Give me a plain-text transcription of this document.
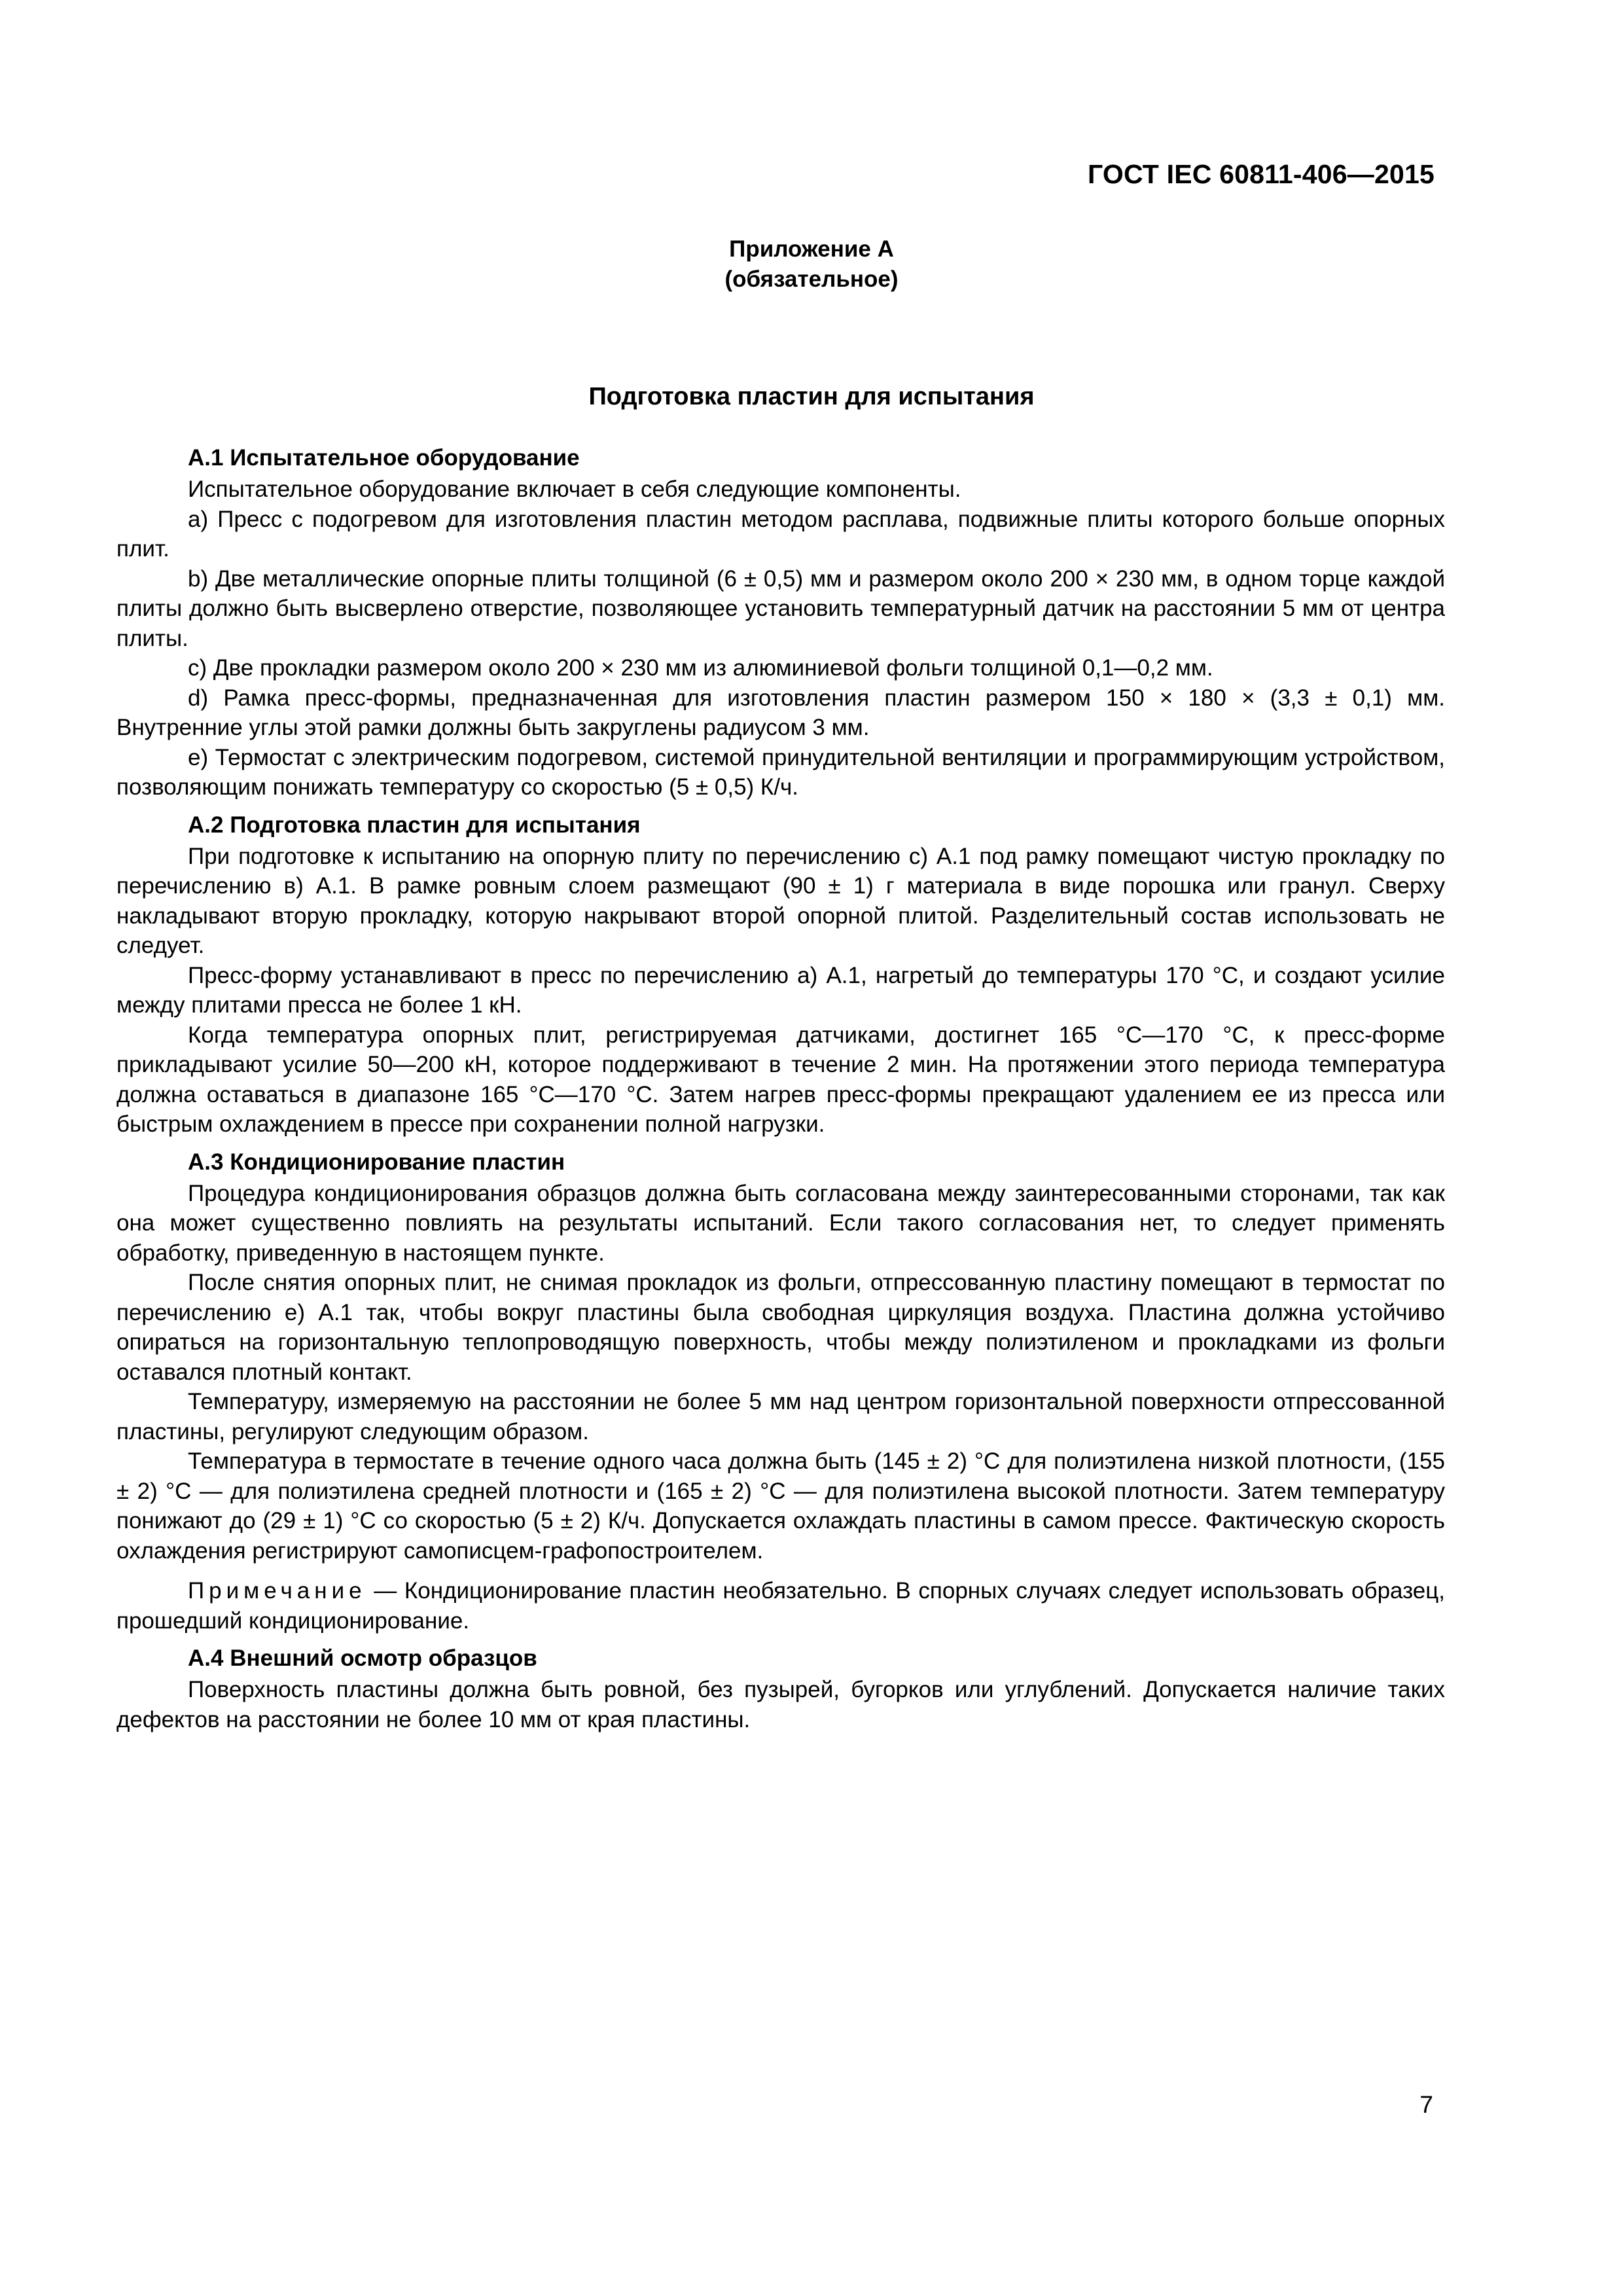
ГОСТ IEC 60811-406—2015
Приложение А
(обязательное)
Подготовка пластин для испытания
А.1 Испытательное оборудование

Испытательное оборудование включает в себя следующие компоненты.

a) Пресс с подогревом для изготовления пластин методом расплава, подвижные плиты которого больше опорных плит.

b) Две металлические опорные плиты толщиной (6 ± 0,5) мм и размером около 200 × 230 мм, в одном торце каждой плиты должно быть высверлено отверстие, позволяющее установить температурный датчик на расстоянии 5 мм от центра плиты.

c) Две прокладки размером около 200 × 230 мм из алюминиевой фольги толщиной 0,1—0,2 мм.

d) Рамка пресс-формы, предназначенная для изготовления пластин размером 150 × 180 × (3,3 ± 0,1) мм. Внутренние углы этой рамки должны быть закруглены радиусом 3 мм.

e) Термостат с электрическим подогревом, системой принудительной вентиляции и программирующим устройством, позволяющим понижать температуру со скоростью (5 ± 0,5) К/ч.

А.2 Подготовка пластин для испытания

При подготовке к испытанию на опорную плиту по перечислению c) А.1 под рамку помещают чистую прокладку по перечислению в) А.1. В рамке ровным слоем размещают (90 ± 1) г материала в виде порошка или гранул. Сверху накладывают вторую прокладку, которую накрывают второй опорной плитой. Разделительный состав использовать не следует.

Пресс-форму устанавливают в пресс по перечислению а) А.1, нагретый до температуры 170 °С, и создают усилие между плитами пресса не более 1 кН.

Когда температура опорных плит, регистрируемая датчиками, достигнет 165 °С—170 °С, к пресс-форме прикладывают усилие 50—200 кН, которое поддерживают в течение 2 мин. На протяжении этого периода температура должна оставаться в диапазоне 165 °С—170 °С. Затем нагрев пресс-формы прекращают удалением ее из пресса или быстрым охлаждением в прессе при сохранении полной нагрузки.

А.3 Кондиционирование пластин

Процедура кондиционирования образцов должна быть согласована между заинтересованными сторонами, так как она может существенно повлиять на результаты испытаний. Если такого согласования нет, то следует применять обработку, приведенную в настоящем пункте.

После снятия опорных плит, не снимая прокладок из фольги, отпрессованную пластину помещают в термостат по перечислению е) А.1 так, чтобы вокруг пластины была свободная циркуляция воздуха. Пластина должна устойчиво опираться на горизонтальную теплопроводящую поверхность, чтобы между полиэтиленом и прокладками из фольги оставался плотный контакт.

Температуру, измеряемую на расстоянии не более 5 мм над центром горизонтальной поверхности отпрессованной пластины, регулируют следующим образом.

Температура в термостате в течение одного часа должна быть (145 ± 2) °С для полиэтилена низкой плотности, (155 ± 2) °С — для полиэтилена средней плотности и (165 ± 2) °С — для полиэтилена высокой плотности. Затем температуру понижают до (29 ± 1) °С со скоростью (5 ± 2) К/ч. Допускается охлаждать пластины в самом прессе. Фактическую скорость охлаждения регистрируют самописцем-графопостроителем.

Примечание — Кондиционирование пластин необязательно. В спорных случаях следует использовать образец, прошедший кондиционирование.

А.4 Внешний осмотр образцов

Поверхность пластины должна быть ровной, без пузырей, бугорков или углублений. Допускается наличие таких дефектов на расстоянии не более 10 мм от края пластины.

7
